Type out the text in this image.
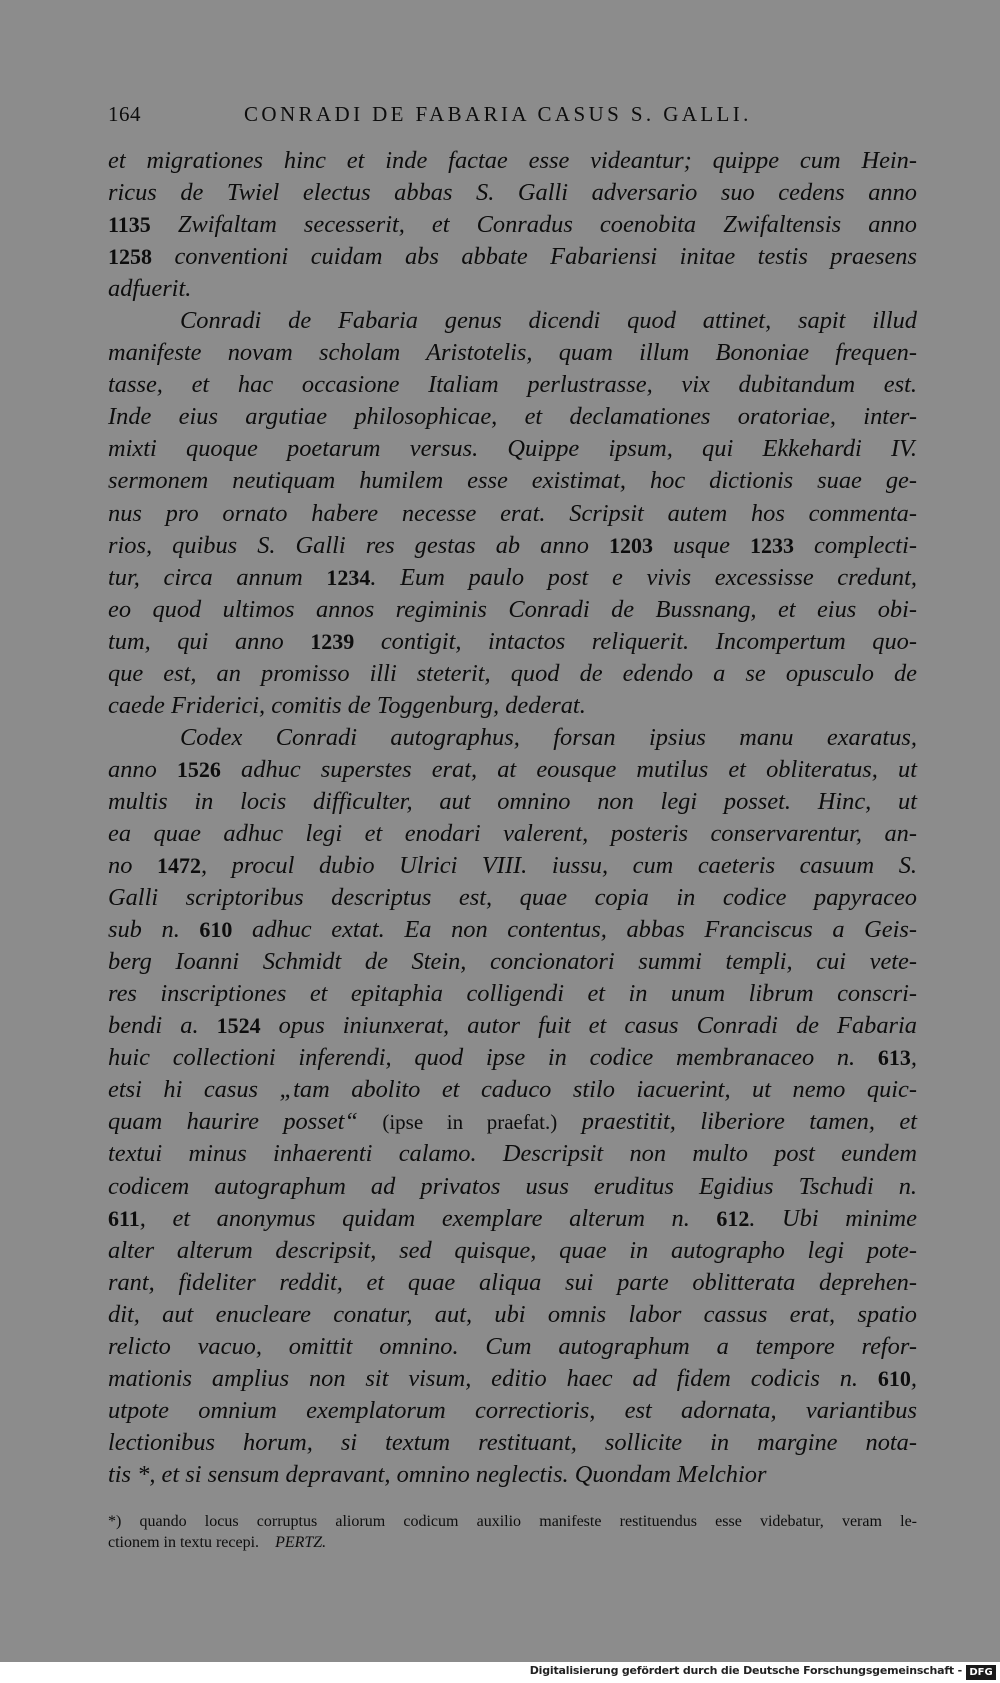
164	CONRADI DE FABARIA CASUS S. GALLI.
et migrationes hinc et inde factae esse videantur; quippe cum Hein-
ricus de Twiel electus abbas S. Galli adversario suo cedens anno
1135 Zwifaltam secesserit, et Conradus coenobita Zwifaltensis anno
1258 conventioni cuidam abs abbate Fabariensi initae testis praesens
adfuerit.
Conradi de Fabaria genus dicendi quod attinet, sapit illud
manifeste novam scholam Aristotelis, quam illum Bononiae frequen-
tasse, et hac occasione Italiam perlustrasse, vix dubitandum est.
Inde eius argutiae philosophicae, et declamationes oratoriae, inter-
mixti quoque poetarum versus. Quippe ipsum, qui Ekkehardi IV.
sermonem neutiquam humilem esse existimat, hoc dictionis suae ge-
nus pro ornato habere necesse erat. Scripsit autem hos commenta-
rios, quibus S. Galli res gestas ab anno 1203 usque 1233 complecti-
tur, circa annum 1234. Eum paulo post e vivis excessisse credunt,
eo quod ultimos annos regiminis Conradi de Bussnang, et eius obi-
tum, qui anno 1239 contigit, intactos reliquerit. Incompertum quo-
que est, an promisso illi steterit, quod de edendo a se opusculo de
caede Friderici, comitis de Toggenburg, dederat.
Codex Conradi autographus, forsan ipsius manu exaratus,
anno 1526 adhuc superstes erat, at eousque mutilus et obliteratus, ut
multis in locis difficulter, aut omnino non legi posset. Hinc, ut
ea quae adhuc legi et enodari valerent, posteris conservarentur, an-
no 1472, procul dubio Ulrici VIII. iussu, cum caeteris casuum S.
Galli scriptoribus descriptus est, quae copia in codice papyraceo
sub n. 610 adhuc extat. Ea non contentus, abbas Franciscus a Geis-
berg Ioanni Schmidt de Stein, concionatori summi templi, cui vete-
res inscriptiones et epitaphia colligendi et in unum librum conscri-
bendi a. 1524 opus iniunxerat, autor fuit et casus Conradi de Fabaria
huic collectioni inferendi, quod ipse in codice membranaceo n. 613,
etsi hi casus „tam abolito et caduco stilo iacuerint, ut nemo quic-
quam haurire posset“ (ipse in praefat.) praestitit, liberiore tamen, et
textui minus inhaerenti calamo. Descripsit non multo post eundem
codicem autographum ad privatos usus eruditus Egidius Tschudi n.
611, et anonymus quidam exemplare alterum n. 612. Ubi minime
alter alterum descripsit, sed quisque, quae in autographo legi pote-
rant, fideliter reddit, et quae aliqua sui parte oblitterata deprehen-
dit, aut enucleare conatur, aut, ubi omnis labor cassus erat, spatio
relicto vacuo, omittit omnino. Cum autographum a tempore refor-
mationis amplius non sit visum, editio haec ad fidem codicis n. 610,
utpote omnium exemplatorum correctioris, est adornata, variantibus
lectionibus horum, si textum restituant, sollicite in margine nota-
tis *, et si sensum depravant, omnino neglectis. Quondam Melchior
*) quando locus corruptus aliorum codicum auxilio manifeste restituendus esse videbatur, veram le-
ctionem in textu recepi. PERTZ.
Digitalisierung gefördert durch die Deutsche Forschungsgemeinschaft - DFG
